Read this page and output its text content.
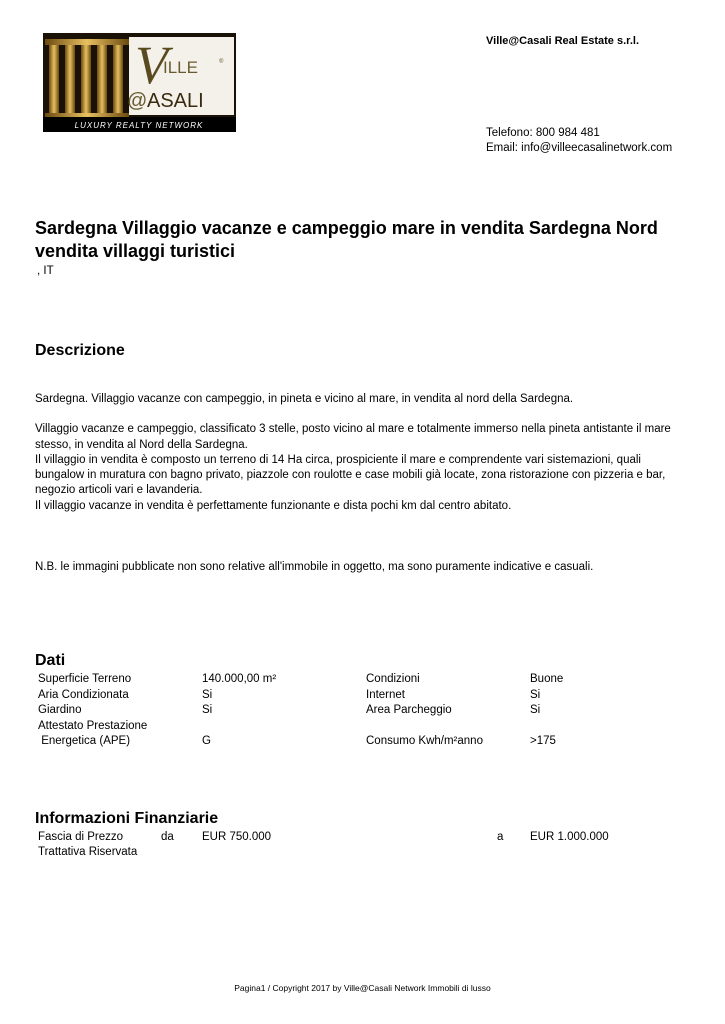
V
ILLE	®
@ ASALI
LUXURY REALTY NETWORK
Ville@Casali Real Estate s.r.l.
Telefono: 800 984 481
Email: info@villeecasalinetwork.com
Sardegna Villaggio vacanze e campeggio mare in vendita Sardegna Nord vendita villaggi turistici
, IT
Descrizione

Sardegna. Villaggio vacanze con campeggio, in pineta e vicino al mare, in vendita al nord della Sardegna.

Villaggio vacanze e campeggio, classificato 3 stelle, posto vicino al mare e totalmente immerso nella pineta antistante il mare stesso, in vendita al Nord della Sardegna.

Il villaggio in vendita è composto un terreno di 14 Ha circa, prospiciente il mare e comprendente vari sistemazioni, quali bungalow in muratura con bagno privato, piazzole con roulotte e case mobili già locate, zona ristorazione con pizzeria e bar, negozio articoli vari e lavanderia.

Il villaggio vacanze in vendita è perfettamente funzionante e dista pochi km dal centro abitato.

N.B. le immagini pubblicate non sono relative all'immobile in oggetto, ma sono puramente indicative e casuali.
Dati
Superficie Terreno	140.000,00 m²	Condizioni	Buone
Aria Condizionata	Si	Internet	Si
Giardino	Si	Area Parcheggio	Si
Attestato Prestazione			
Energetica (APE)	G	Consumo Kwh/m²anno	>175
Informazioni Finanziarie
Fascia di Prezzo	da EUR 750.000	a EUR 1.000.000
Trattativa Riservata
Pagina1 / Copyright 2017 by Ville@Casali Network Immobili di lusso
